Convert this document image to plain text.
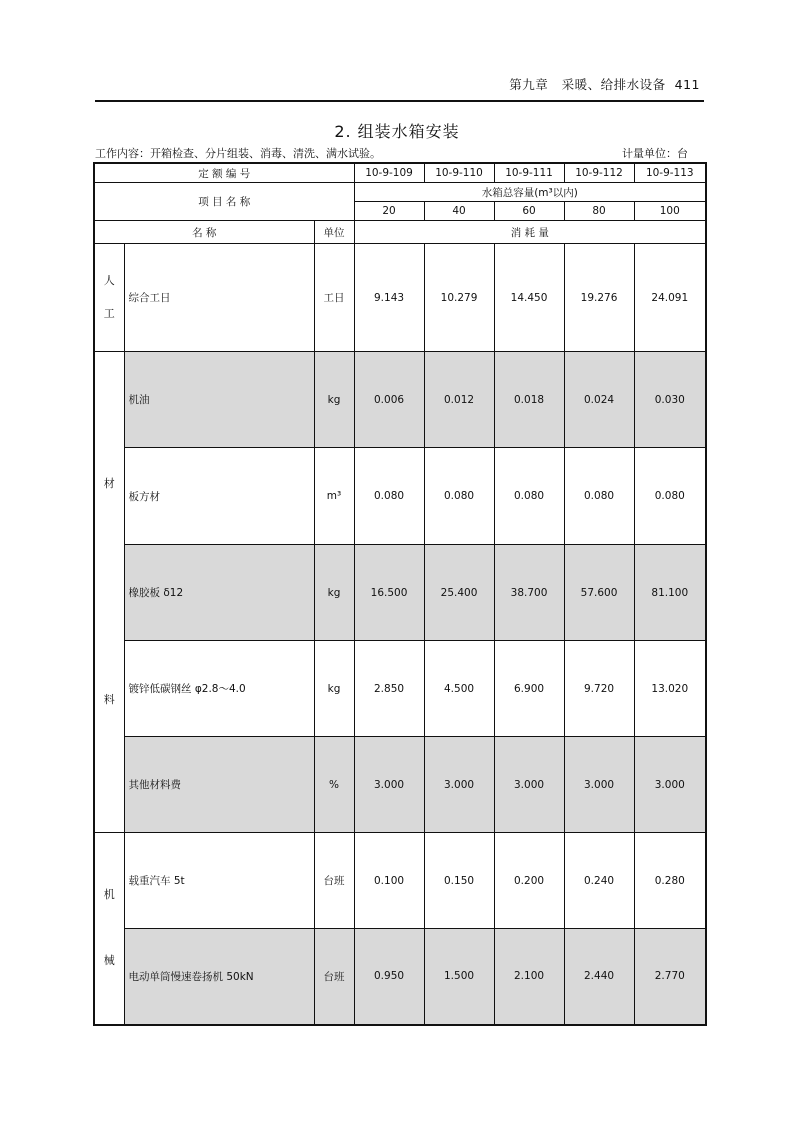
第九章   采暖、给排水设备  411
2. 组装水箱安装
工作内容：开箱检查、分片组装、消毒、清洗、满水试验。	计量单位：台
定 额 编 号			10-9-109	10-9-110	10-9-111	10-9-112	10-9-113
项 目 名 称			水箱总容量(m³以内)				
			20	40	60	80	100
名 称		单位	消 耗 量				

人
工	综合工日	工日	9.143	10.279	14.450	19.276	24.091

材
料	机油	kg	0.006	0.012	0.018	0.024	0.030
	板方材	m³	0.080	0.080	0.080	0.080	0.080
	橡胶板 δ12	kg	16.500	25.400	38.700	57.600	81.100
	镀锌低碳钢丝 φ2.8～4.0	kg	2.850	4.500	6.900	9.720	13.020
	其他材料费	%	3.000	3.000	3.000	3.000	3.000

机
械	载重汽车 5t	台班	0.100	0.150	0.200	0.240	0.280
	电动单筒慢速卷扬机 50kN	台班	0.950	1.500	2.100	2.440	2.770
